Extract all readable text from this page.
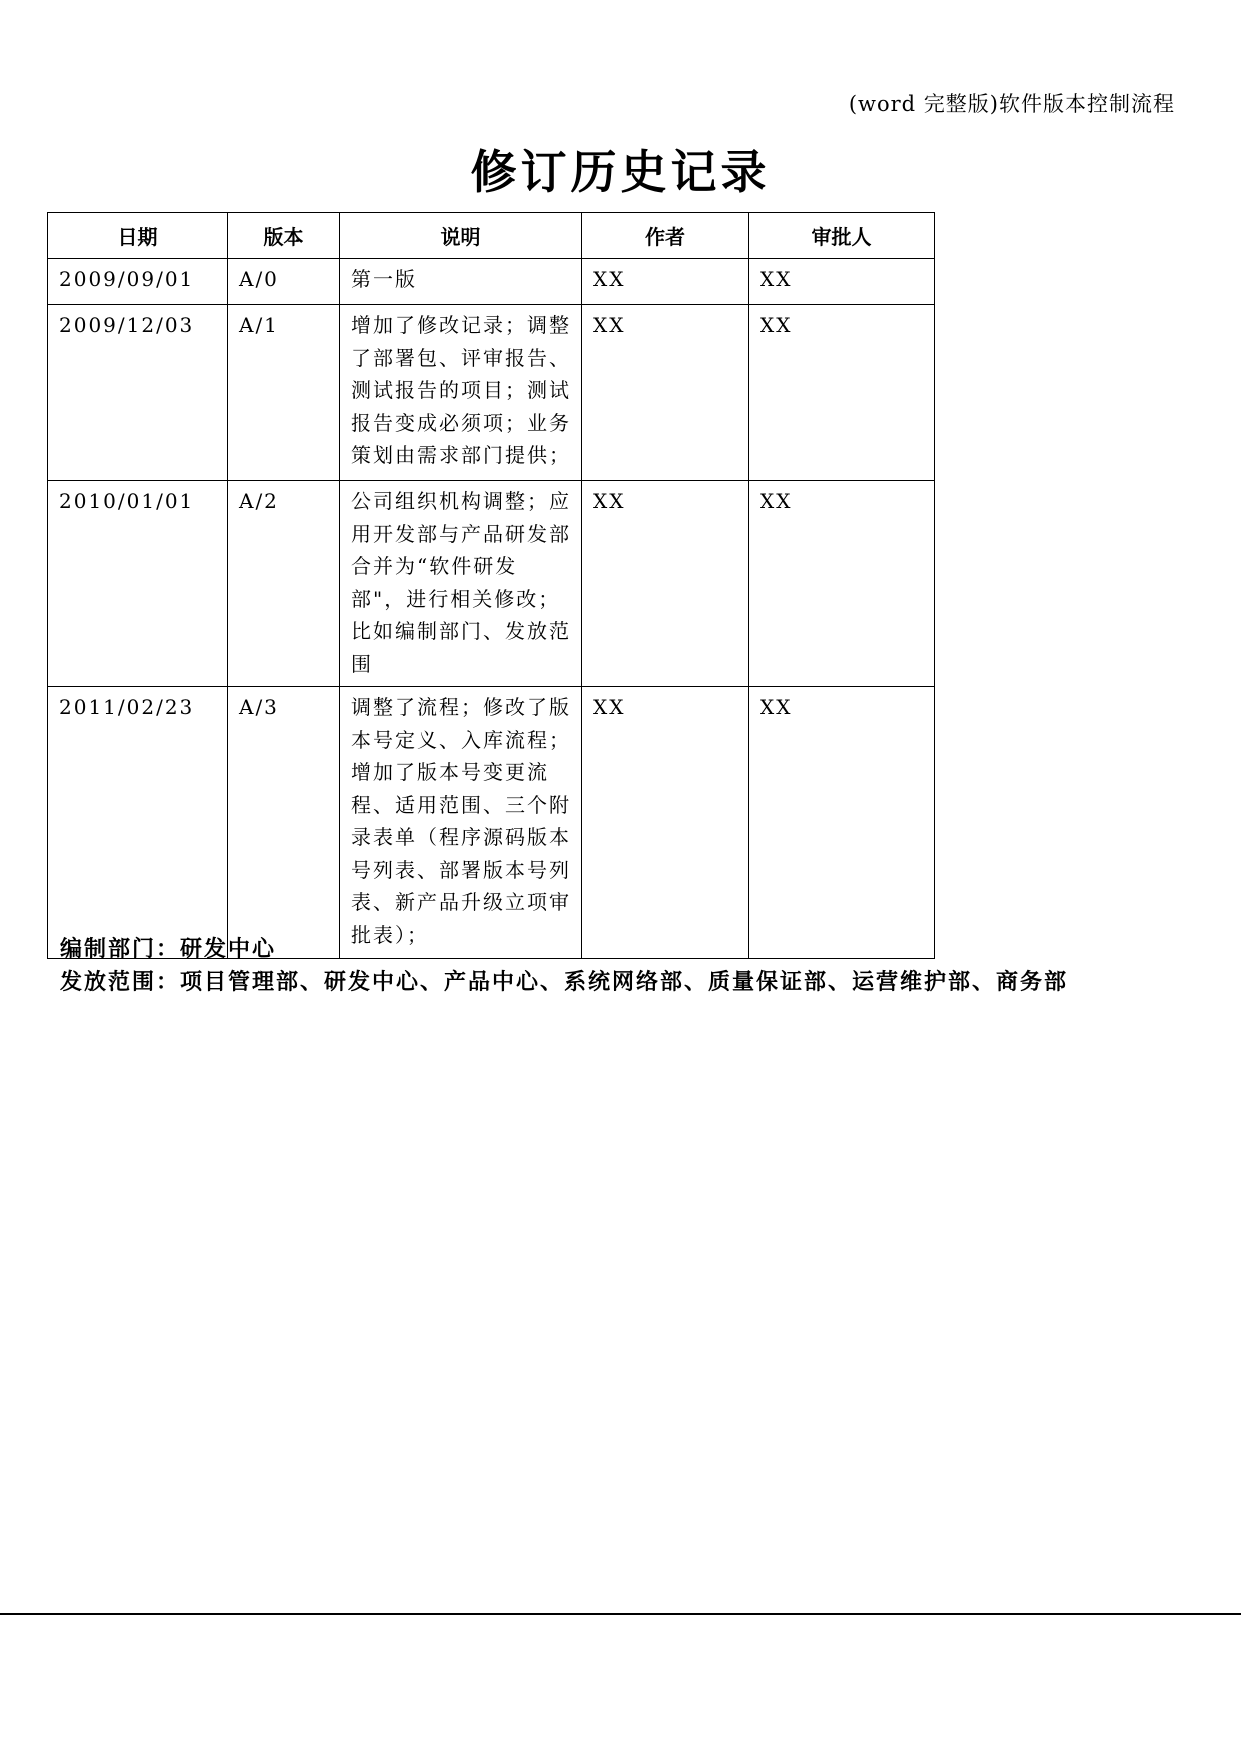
(word 完整版)软件版本控制流程
修订历史记录
日期	版本	说明	作者	审批人
2009/09/01	A/0	第一版	XX	XX
2009/12/03	A/1	增加了修改记录；调整了部署包、评审报告、测试报告的项目；测试报告变成必须项；业务策划由需求部门提供；	XX	XX
2010/01/01	A/2	公司组织机构调整；应用开发部与产品研发部合并为“软件研发部"，进行相关修改；比如编制部门、发放范围	XX	XX
2011/02/23	A/3	调整了流程；修改了版本号定义、入库流程；增加了版本号变更流程、适用范围、三个附录表单（程序源码版本号列表、部署版本号列表、新产品升级立项审批表）；	XX	XX
编制部门：研发中心
发放范围：项目管理部、研发中心、产品中心、系统网络部、质量保证部、运营维护部、商务部
